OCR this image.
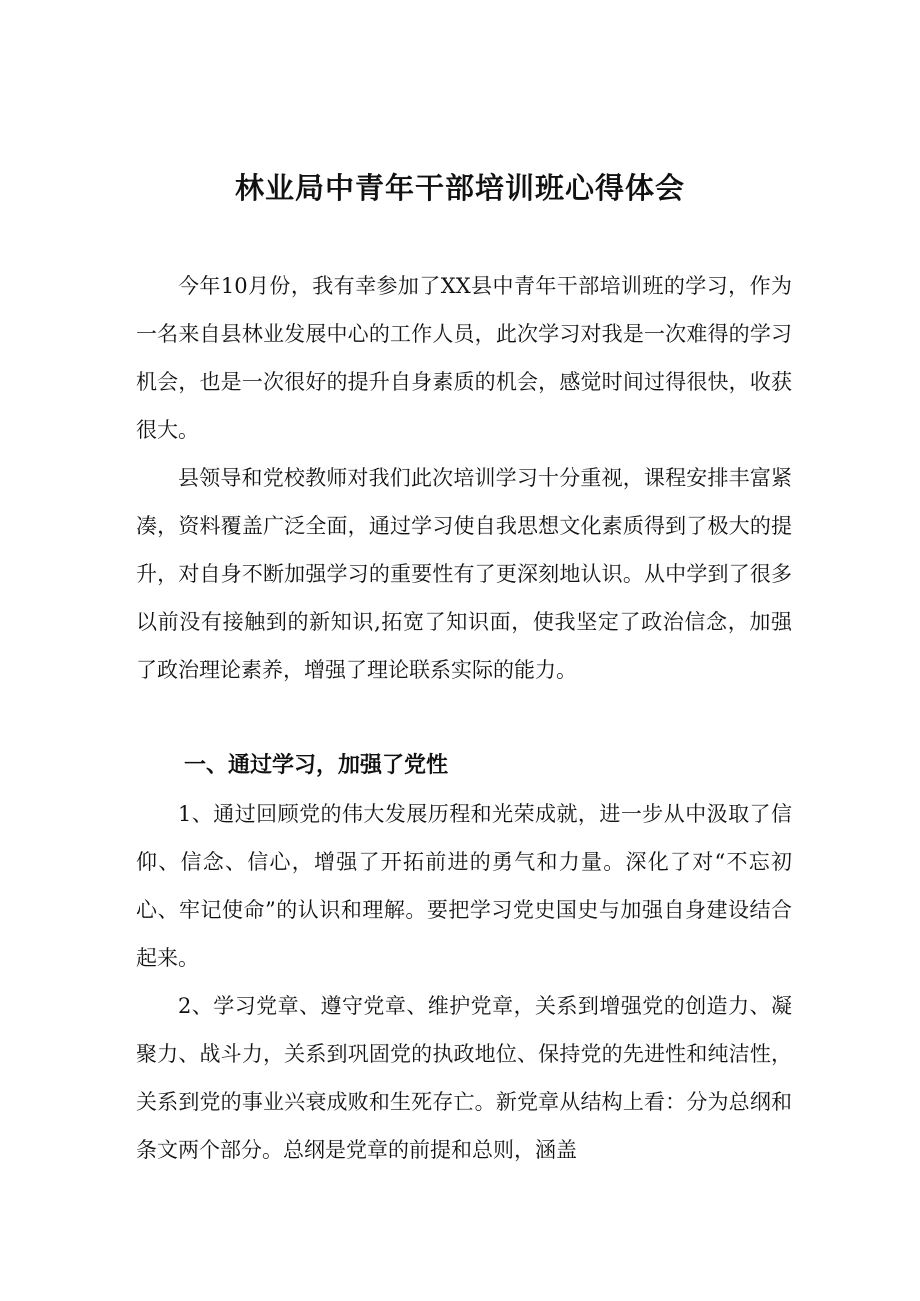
林业局中青年干部培训班心得体会

今年10月份，我有幸参加了XX县中青年干部培训班的学习，作为一名来自县林业发展中心的工作人员，此次学习对我是一次难得的学习机会，也是一次很好的提升自身素质的机会，感觉时间过得很快，收获很大。

县领导和党校教师对我们此次培训学习十分重视，课程安排丰富紧凑，资料覆盖广泛全面，通过学习使自我思想文化素质得到了极大的提升，对自身不断加强学习的重要性有了更深刻地认识。从中学到了很多以前没有接触到的新知识,拓宽了知识面，使我坚定了政治信念，加强了政治理论素养，增强了理论联系实际的能力。

一、通过学习，加强了党性

1、通过回顾党的伟大发展历程和光荣成就，进一步从中汲取了信仰、信念、信心，增强了开拓前进的勇气和力量。深化了对“不忘初心、牢记使命”的认识和理解。要把学习党史国史与加强自身建设结合起来。

2、学习党章、遵守党章、维护党章，关系到增强党的创造力、凝聚力、战斗力，关系到巩固党的执政地位、保持党的先进性和纯洁性，关系到党的事业兴衰成败和生死存亡。新党章从结构上看：分为总纲和条文两个部分。总纲是党章的前提和总则，涵盖
